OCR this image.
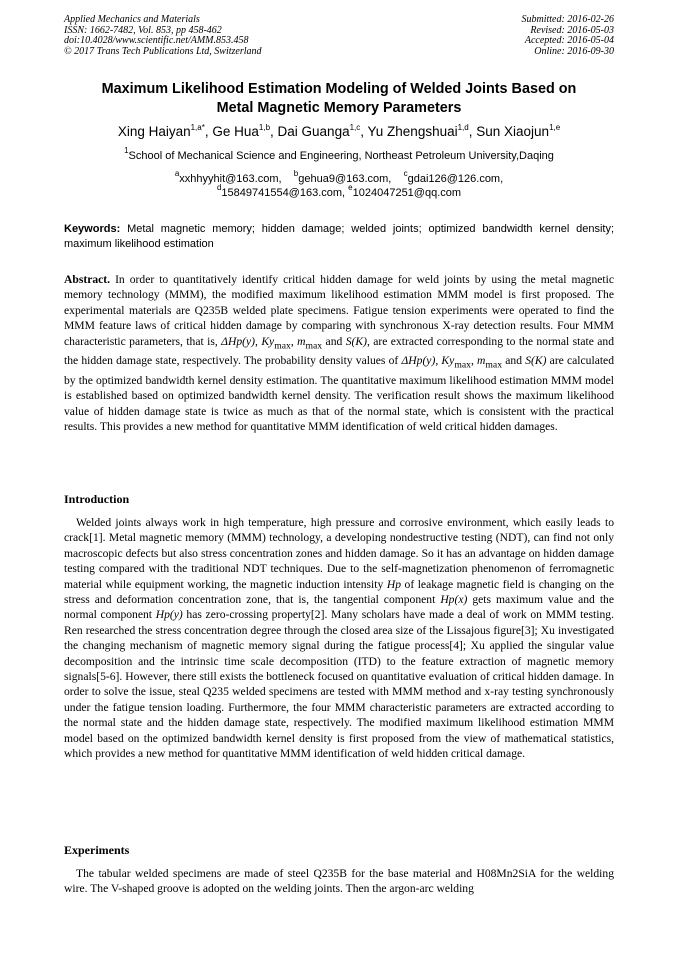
Applied Mechanics and Materials
ISSN: 1662-7482, Vol. 853, pp 458-462
doi:10.4028/www.scientific.net/AMM.853.458
© 2017 Trans Tech Publications Ltd, Switzerland
Submitted: 2016-02-26
Revised: 2016-05-03
Accepted: 2016-05-04
Online: 2016-09-30
Maximum Likelihood Estimation Modeling of Welded Joints Based on
Metal Magnetic Memory Parameters
Xing Haiyan$^{1,a*}$, Ge Hua$^{1,b}$, Dai Guanga$^{1,c}$, Yu Zhengshuai$^{1,d}$, Sun Xiaojun$^{1,e}$
$^1$School of Mechanical Science and Engineering, Northeast Petroleum University,Daqing
$^a$xxhhyyhit@163.com, $^b$gehua9@163.com, $^c$gdai126@126.com,
$^d$15849741554@163.com, $^e$1024047251@qq.com
Keywords: Metal magnetic memory; hidden damage; welded joints; optimized bandwidth kernel density; maximum likelihood estimation
Abstract. In order to quantitatively identify critical hidden damage for weld joints by using the metal magnetic memory technology (MMM), the modified maximum likelihood estimation MMM model is first proposed. The experimental materials are Q235B welded plate specimens. Fatigue tension experiments were operated to find the MMM feature laws of critical hidden damage by comparing with synchronous X-ray detection results. Four MMM characteristic parameters, that is, ΔHp(y), $Ky_{max}$, $m_{max}$ and S(K), are extracted corresponding to the normal state and the hidden damage state, respectively. The probability density values of ΔHp(y), $Ky_{max}$, $m_{max}$ and S(K) are calculated by the optimized bandwidth kernel density estimation. The quantitative maximum likelihood estimation MMM model is established based on optimized bandwidth kernel density. The verification result shows the maximum likelihood value of hidden damage state is twice as much as that of the normal state, which is consistent with the practical results. This provides a new method for quantitative MMM identification of weld critical hidden damages.
Introduction
Welded joints always work in high temperature, high pressure and corrosive environment, which easily leads to crack[1]. Metal magnetic memory (MMM) technology, a developing nondestructive testing (NDT), can find not only macroscopic defects but also stress concentration zones and hidden damage. So it has an advantage on hidden damage testing compared with the traditional NDT techniques. Due to the self-magnetization phenomenon of ferromagnetic material while equipment working, the magnetic induction intensity Hp of leakage magnetic field is changing on the stress and deformation concentration zone, that is, the tangential component Hp(x) gets maximum value and the normal component Hp(y) has zero-crossing property[2]. Many scholars have made a deal of work on MMM testing. Ren researched the stress concentration degree through the closed area size of the Lissajous figure[3]; Xu investigated the changing mechanism of magnetic memory signal during the fatigue process[4]; Xu applied the singular value decomposition and the intrinsic time scale decomposition (ITD) to the feature extraction of magnetic memory signals[5-6]. However, there still exists the bottleneck focused on quantitative evaluation of critical hidden damage. In order to solve the issue, steal Q235 welded specimens are tested with MMM method and x-ray testing synchronously under the fatigue tension loading. Furthermore, the four MMM characteristic parameters are extracted according to the normal state and the hidden damage state, respectively. The modified maximum likelihood estimation MMM model based on the optimized bandwidth kernel density is first proposed from the view of mathematical statistics, which provides a new method for quantitative MMM identification of weld hidden critical damage.
Experiments
The tabular welded specimens are made of steel Q235B for the base material and H08Mn2SiA for the welding wire. The V-shaped groove is adopted on the welding joints. Then the argon-arc welding
